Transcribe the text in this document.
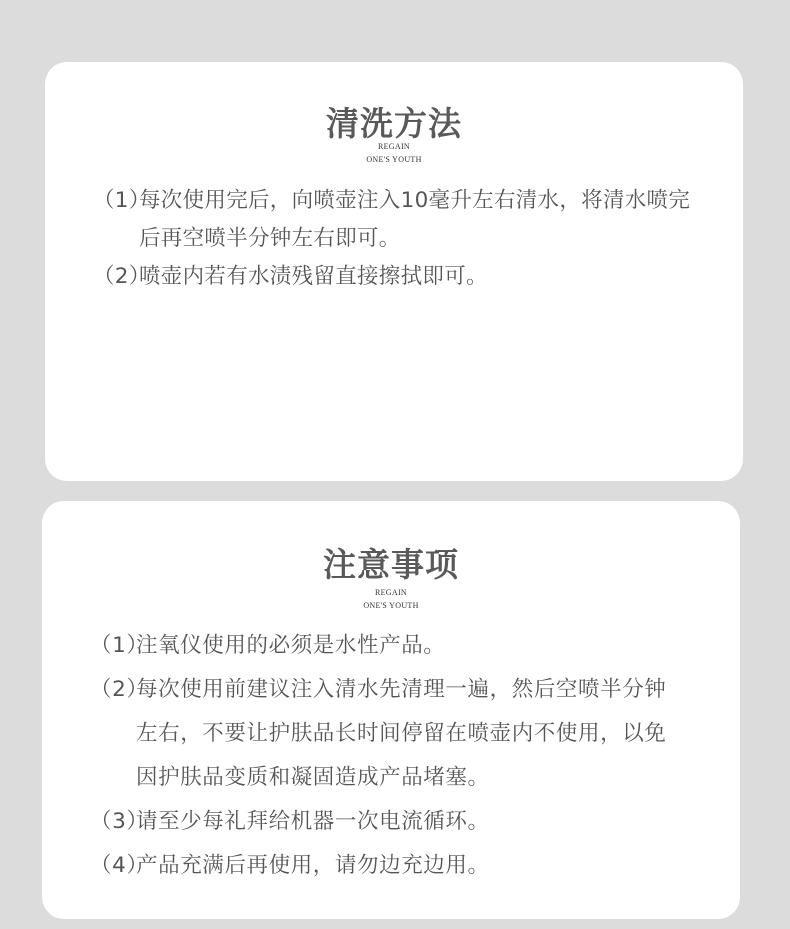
清洗方法
REGAIN
ONE'S YOUTH
（1）
每次使用完后，向喷壶注入10毫升左右清水，将清水喷完后再空喷半分钟左右即可。
（2）
喷壶内若有水渍残留直接擦拭即可。
注意事项
REGAIN
ONE'S YOUTH
（1）
注氧仪使用的必须是水性产品。
（2）
每次使用前建议注入清水先清理一遍，然后空喷半分钟左右，不要让护肤品长时间停留在喷壶内不使用，以免因护肤品变质和凝固造成产品堵塞。
（3）
请至少每礼拜给机器一次电流循环。
（4）
产品充满后再使用，请勿边充边用。
